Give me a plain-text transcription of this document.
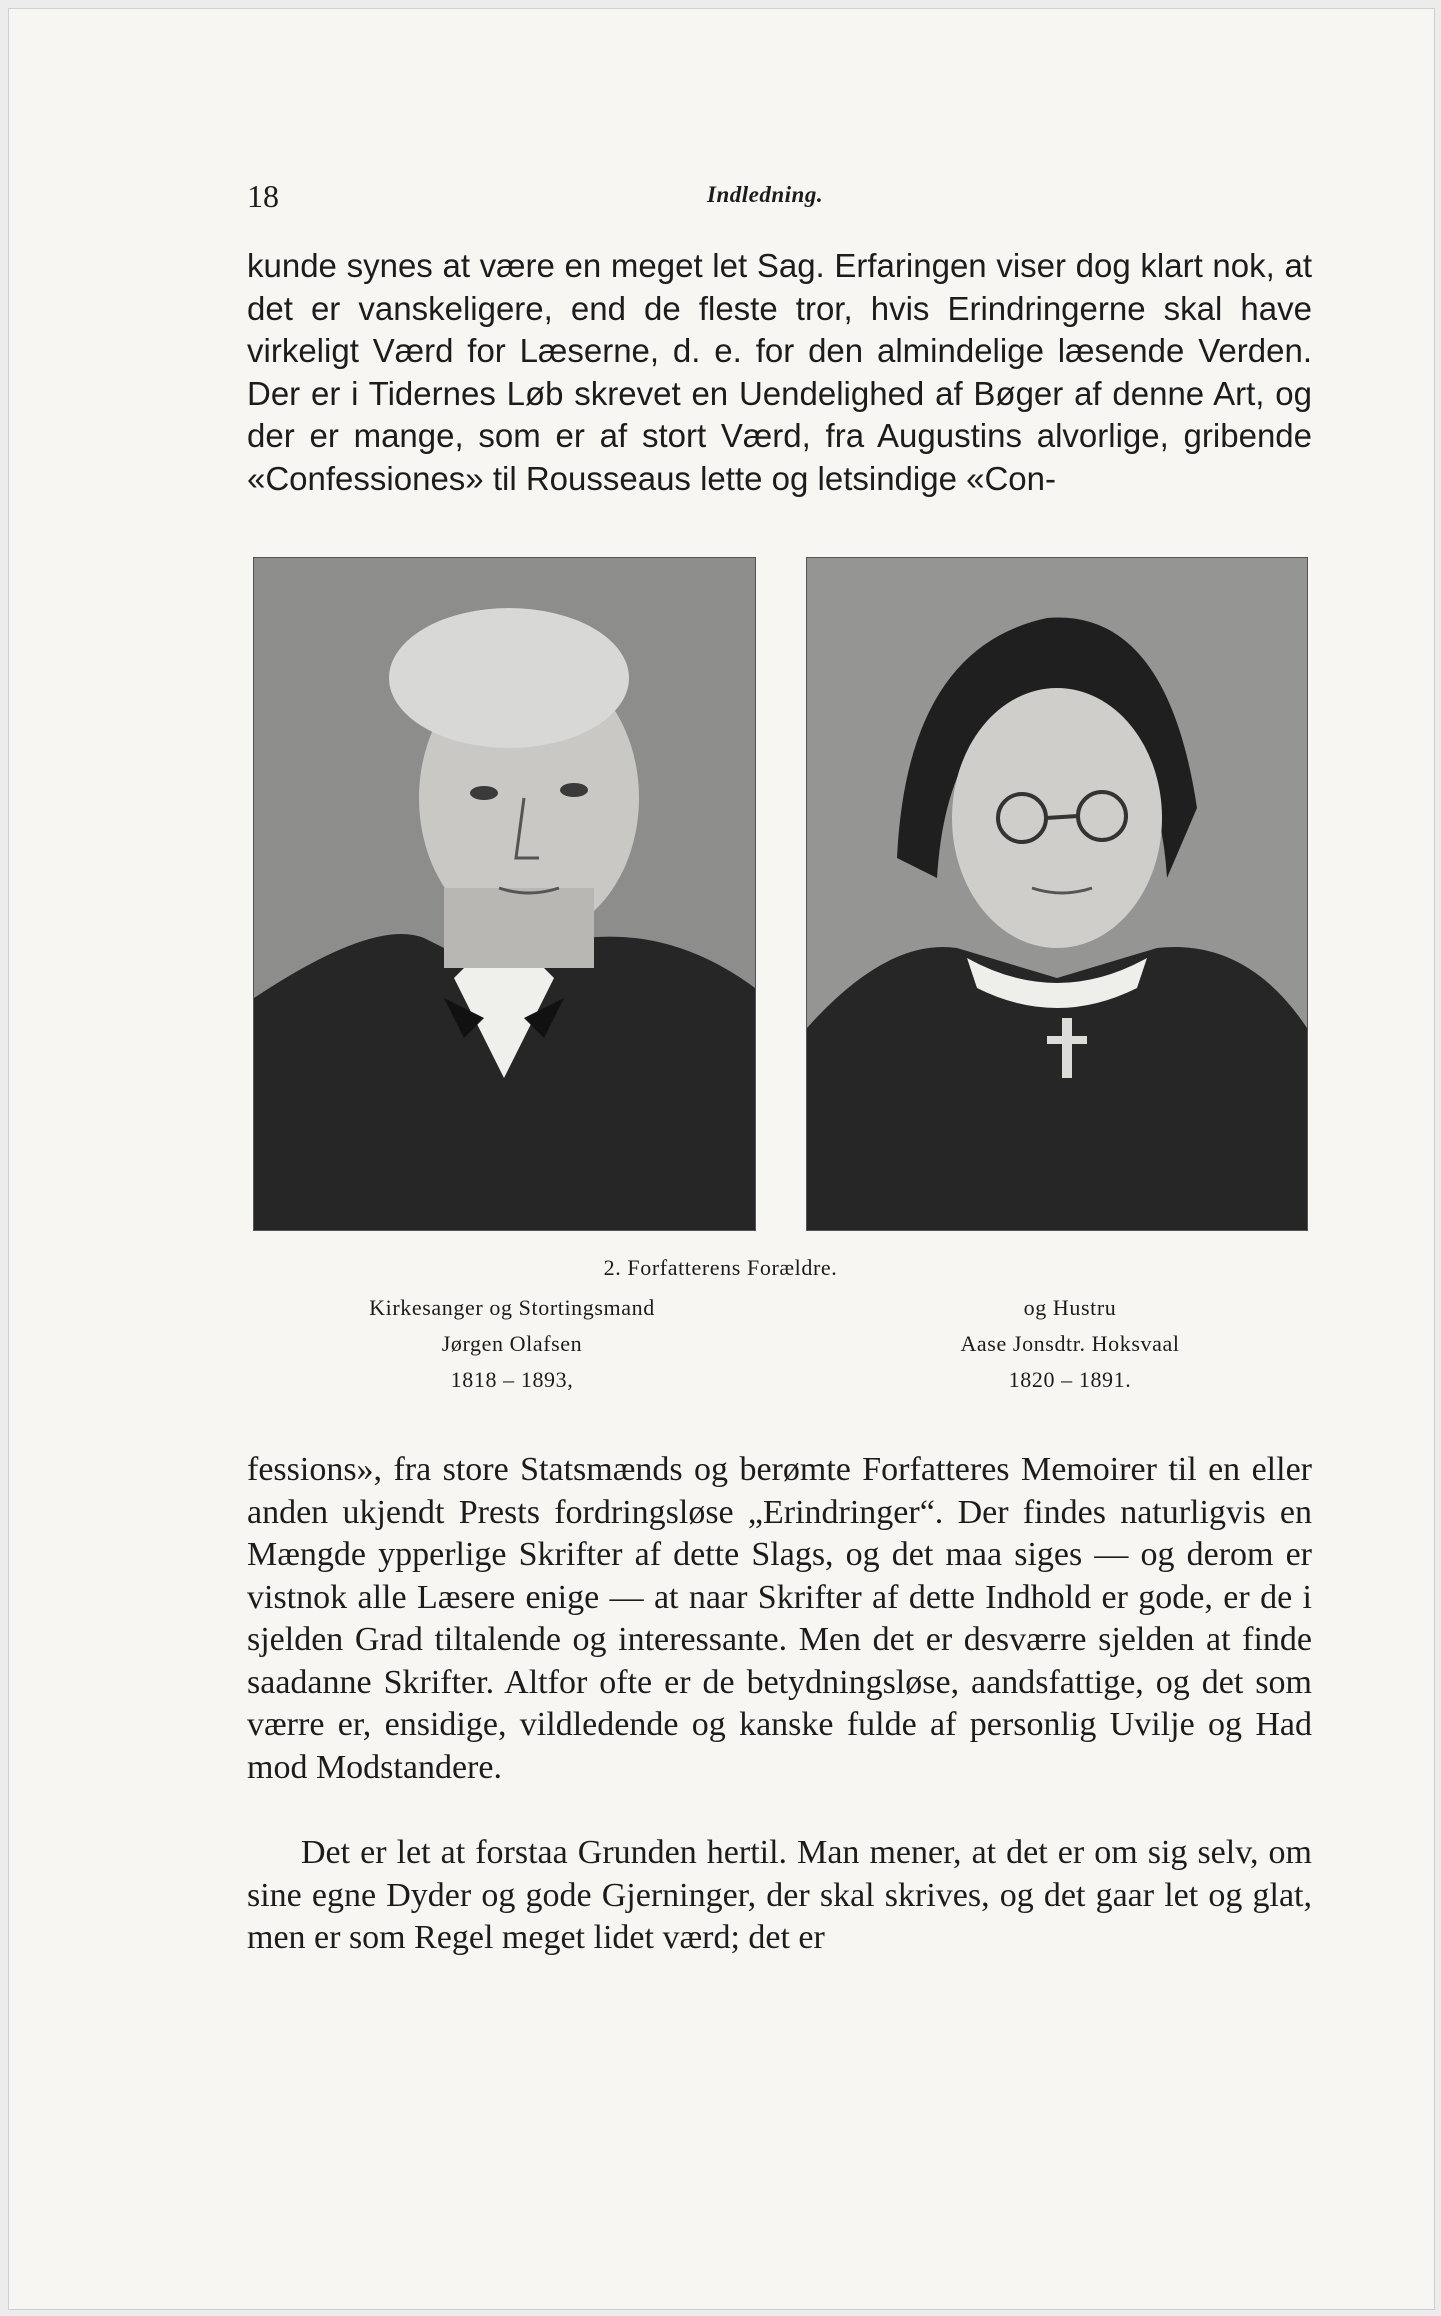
18	Indledning.

kunde synes at være en meget let Sag. Erfaringen viser dog klart nok, at det er vanskeligere, end de fleste tror, hvis Erindringerne skal have virkeligt Værd for Læserne, d. e. for den almindelige læsende Verden. Der er i Tidernes Løb skrevet en Uendelighed af Bøger af denne Art, og der er mange, som er af stort Værd, fra Augustins alvorlige, gribende «Confessiones» til Rousseaus lette og letsindige «Con-

2. Forfatterens Forældre.
Kirkesanger og Stortingsmand
Jørgen Olafsen
1818 – 1893,
og Hustru
Aase Jonsdtr. Hoksvaal
1820 – 1891.

fessions», fra store Statsmænds og berømte Forfatteres Memoirer til en eller anden ukjendt Prests fordringsløse „Erindringer“. Der findes naturligvis en Mængde ypperlige Skrifter af dette Slags, og det maa siges — og derom er vistnok alle Læsere enige — at naar Skrifter af dette Indhold er gode, er de i sjelden Grad tiltalende og interessante. Men det er desværre sjelden at finde saadanne Skrifter. Altfor ofte er de betydningsløse, aandsfattige, og det som værre er, ensidige, vildledende og kanske fulde af personlig Uvilje og Had mod Modstandere.

Det er let at forstaa Grunden hertil. Man mener, at det er om sig selv, om sine egne Dyder og gode Gjerninger, der skal skrives, og det gaar let og glat, men er som Regel meget lidet værd; det er
